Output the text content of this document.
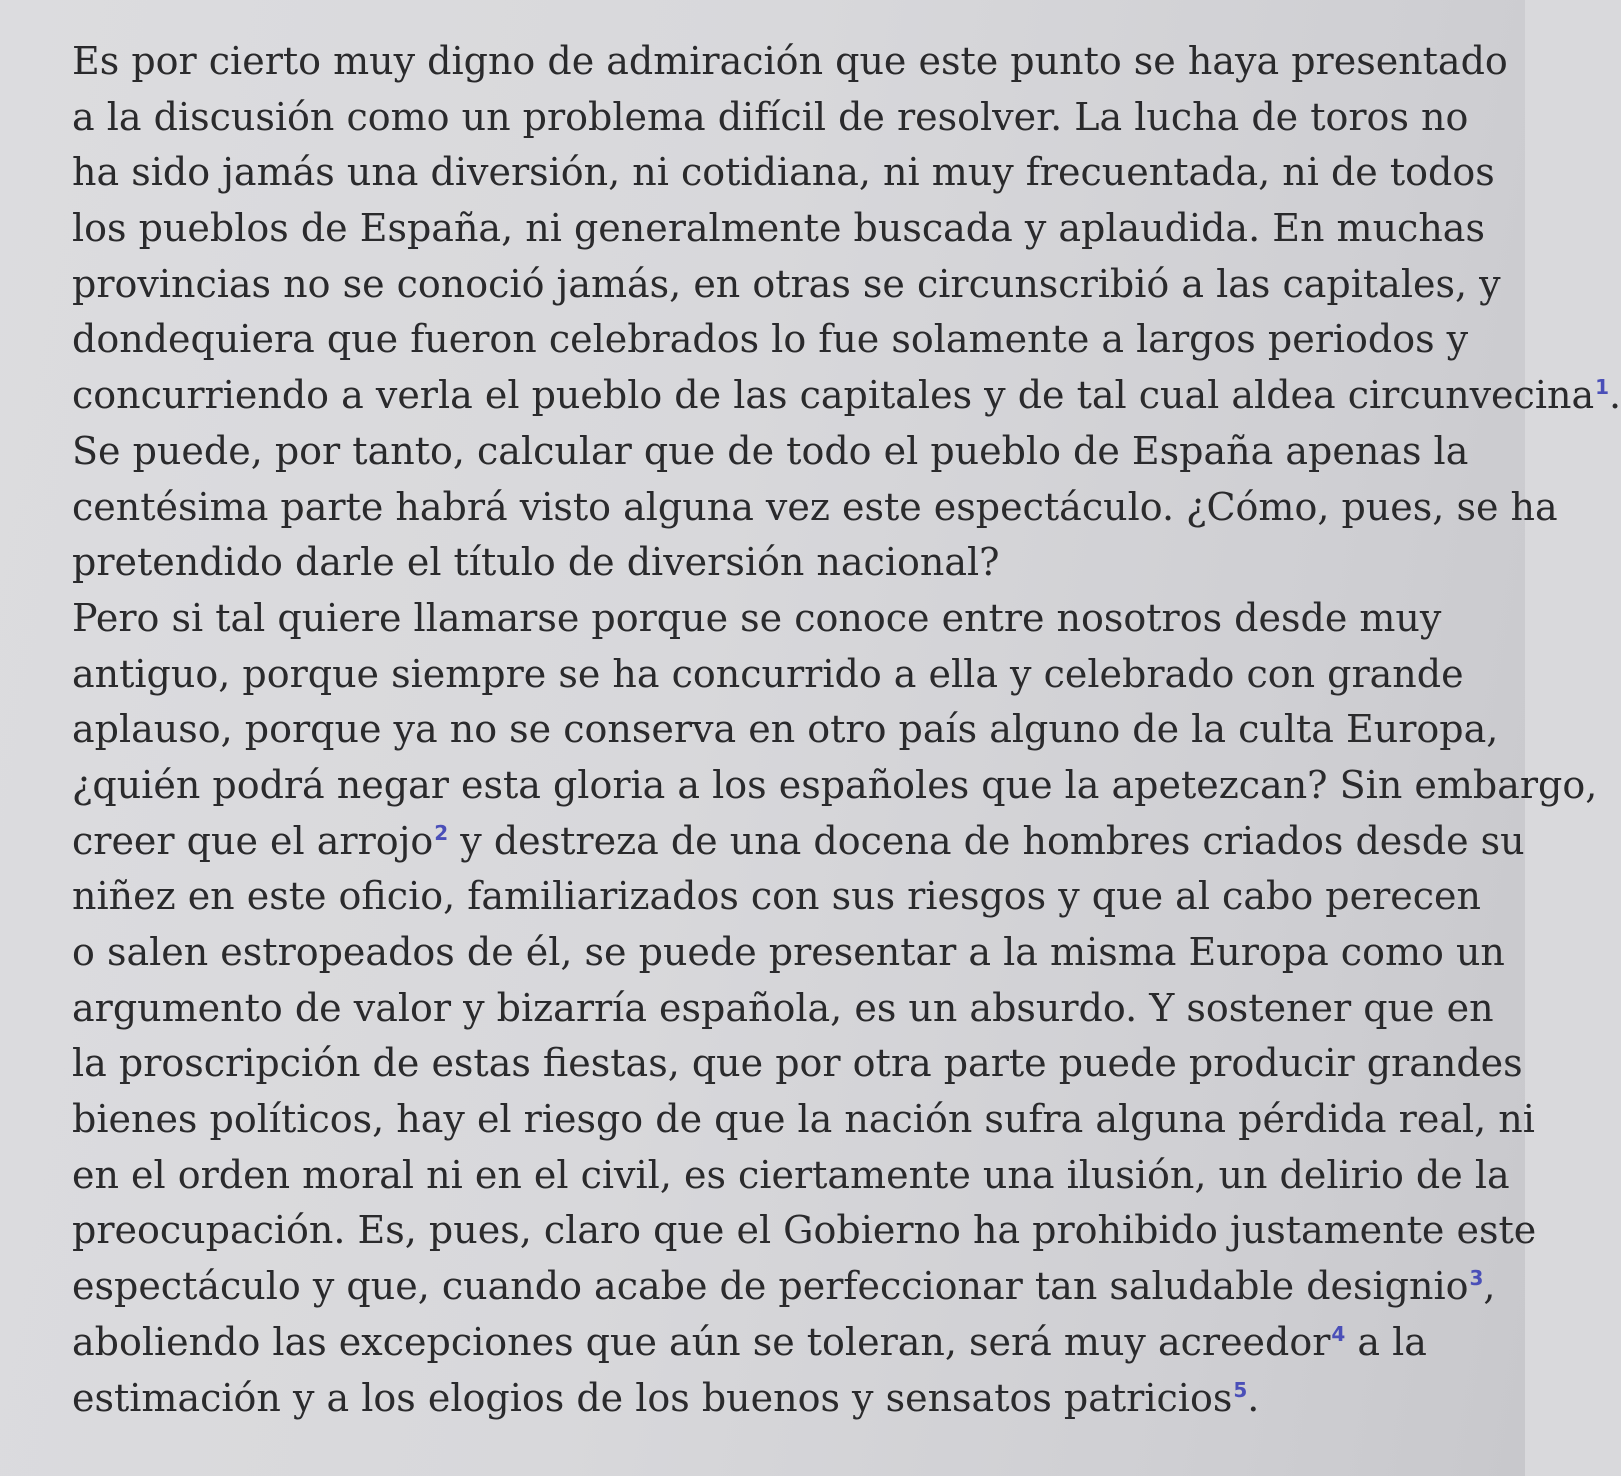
Es por cierto muy digno de admiración que este punto se haya presentado
a la discusión como un problema difícil de resolver. La lucha de toros no
ha sido jamás una diversión, ni cotidiana, ni muy frecuentada, ni de todos
los pueblos de España, ni generalmente buscada y aplaudida. En muchas
provincias no se conoció jamás, en otras se circunscribió a las capitales, y
dondequiera que fueron celebrados lo fue solamente a largos periodos y
concurriendo a verla el pueblo de las capitales y de tal cual aldea circunvecina$^1$.
Se puede, por tanto, calcular que de todo el pueblo de España apenas la
centésima parte habrá visto alguna vez este espectáculo. ¿Cómo, pues, se ha
pretendido darle el título de diversión nacional?
Pero si tal quiere llamarse porque se conoce entre nosotros desde muy
antiguo, porque siempre se ha concurrido a ella y celebrado con grande
aplauso, porque ya no se conserva en otro país alguno de la culta Europa,
¿quién podrá negar esta gloria a los españoles que la apetezcan? Sin embargo,
creer que el arrojo$^2$ y destreza de una docena de hombres criados desde su
niñez en este oficio, familiarizados con sus riesgos y que al cabo perecen
o salen estropeados de él, se puede presentar a la misma Europa como un
argumento de valor y bizarría española, es un absurdo. Y sostener que en
la proscripción de estas fiestas, que por otra parte puede producir grandes
bienes políticos, hay el riesgo de que la nación sufra alguna pérdida real, ni
en el orden moral ni en el civil, es ciertamente una ilusión, un delirio de la
preocupación. Es, pues, claro que el Gobierno ha prohibido justamente este
espectáculo y que, cuando acabe de perfeccionar tan saludable designio$^3$,
aboliendo las excepciones que aún se toleran, será muy acreedor$^4$ a la
estimación y a los elogios de los buenos y sensatos patricios$^5$.
